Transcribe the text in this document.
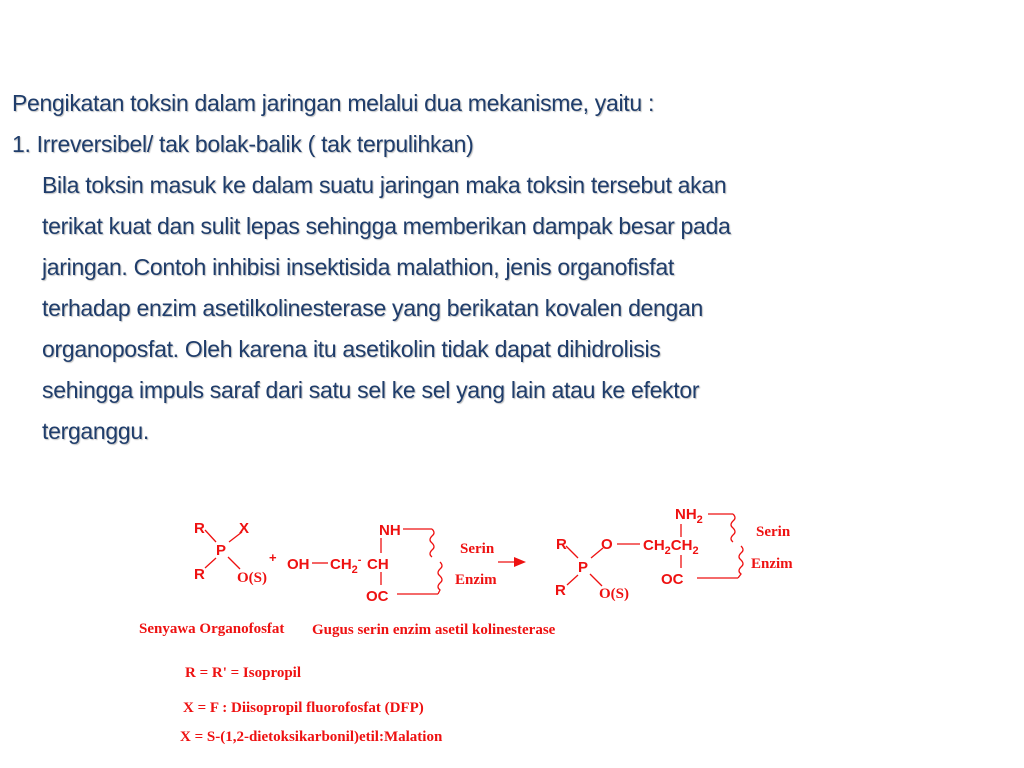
Pengikatan toksin dalam jaringan melalui dua mekanisme, yaitu :
1. Irreversibel/ tak bolak-balik ( tak terpulihkan)
Bila toksin masuk ke dalam suatu jaringan maka toksin tersebut akan
terikat kuat dan sulit lepas sehingga memberikan dampak besar pada
jaringan. Contoh inhibisi insektisida malathion, jenis organofisfat
terhadap enzim asetilkolinesterase yang berikatan kovalen dengan
organoposfat. Oleh karena itu asetikolin tidak dapat dihidrolisis
sehingga impuls saraf dari satu sel ke sel yang lain atau ke efektor
terganggu.
R X
P
R O(S)
+ OH $CH_2^-$ CH
NH
OC
Serin
Enzim
R O
P
R O(S)
$CH_2CH_2$
$NH_2$
OC
Serin
Enzim
Senyawa Organofosfat Gugus serin enzim asetil kolinesterase
R = R' = Isopropil
X = F : Diisopropil fluorofosfat (DFP)
X = S-(1,2-dietoksikarbonil)etil:Malation
